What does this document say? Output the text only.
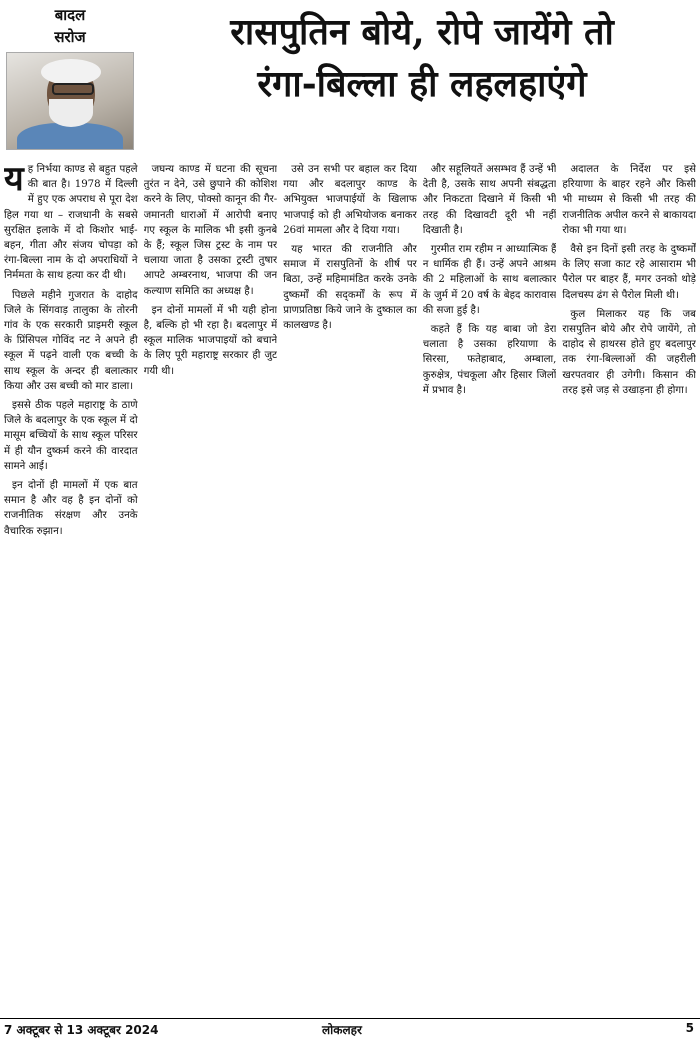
बादल
सरोज	रासपुतिन बोये, रोपे जायेंगे तो
रंगा-बिल्ला ही लहलहाएंगे
य ह निर्भया काण्ड से बहुत पहले की बात है। 1978 में दिल्ली में हुए एक अपराध से पूरा देश हिल गया था – राजधानी के सबसे सुरक्षित इलाके में दो किशोर भाई-बहन, गीता और संजय चोपड़ा को रंगा-बिल्ला नाम के दो अपराधियों ने निर्ममता के साथ हत्या कर दी थी।

पिछले महीने गुजरात के दाहोद जिले के सिंगवाड़ तालुका के तोरनी गांव के एक सरकारी प्राइमरी स्कूल के प्रिंसिपल गोविंद नट ने अपने ही स्कूल में पढ़ने वाली एक बच्ची के साथ स्कूल के अन्दर ही बलात्कार किया और उस बच्ची को मार डाला।

इससे ठीक पहले महाराष्ट्र के ठाणे जिले के बदलापुर के एक स्कूल में दो मासूम बच्चियों के साथ स्कूल परिसर में ही यौन दुष्कर्म करने की वारदात सामने आई।

इन दोनों ही मामलों में एक बात समान है और वह है इन दोनों को राजनीतिक संरक्षण और उनके वैचारिक रुझान।

जघन्य काण्ड में घटना की सूचना तुरंत न देने, उसे छुपाने की कोशिश करने के लिए, पोक्सो कानून की गैर-जमानती धाराओं में आरोपी बनाए गए स्कूल के मालिक भी इसी कुनबे के हैं; स्कूल जिस ट्रस्ट के नाम पर चलाया जाता है उसका ट्रस्टी तुषार आपटे अम्बरनाथ, भाजपा की जन कल्याण समिति का अध्यक्ष है।

इन दोनों मामलों में भी यही होना है, बल्कि हो भी रहा है। बदलापुर में स्कूल मालिक भाजपाइयों को बचाने के लिए पूरी महाराष्ट्र सरकार ही जुट गयी थी।

उसे उन सभी पर बहाल कर दिया गया और बदलापुर काण्ड के अभियुक्त भाजपाईयों के खिलाफ भाजपाई को ही अभियोजक बनाकर 26वां मामला और दे दिया गया।

यह भारत की राजनीति और समाज में रासपुतिनों के शीर्ष पर बिठा, उन्हें महिमामंडित करके उनके दुष्कर्मों की सद्कर्मों के रूप में प्राणप्रतिष्ठा किये जाने के दुष्काल का कालखण्ड है।

और सहूलियतें असम्भव हैं उन्हें भी देती है, उसके साथ अपनी संबद्धता और निकटता दिखाने में किसी भी तरह की दिखावटी दूरी भी नहीं दिखाती है।

गुरमीत राम रहीम न आध्यात्मिक हैं न धार्मिक ही हैं। उन्हें अपने आश्रम की 2 महिलाओं के साथ बलात्कार के जुर्म में 20 वर्ष के बेहद कारावास की सजा हुई है।

कहते हैं कि यह बाबा जो डेरा चलाता है उसका हरियाणा के सिरसा, फतेहाबाद, अम्बाला, कुरुक्षेत्र, पंचकूला और हिसार जिलों में प्रभाव है।

अदालत के निर्देश पर इसे हरियाणा के बाहर रहने और किसी भी माध्यम से किसी भी तरह की राजनीतिक अपील करने से बाकायदा रोका भी गया था।

वैसे इन दिनों इसी तरह के दुष्कर्मों के लिए सजा काट रहे आसाराम भी पैरोल पर बाहर हैं, मगर उनको थोड़े दिलचस्प ढंग से पैरोल मिली थी।

कुल मिलाकर यह कि जब रासपुतिन बोये और रोपे जायेंगे, तो दाहोद से हाथरस होते हुए बदलापुर तक रंगा-बिल्लाओं की जहरीली खरपतवार ही उगेगी। किसान की तरह इसे जड़ से उखाड़ना ही होगा।

7 अक्टूबर से 13 अक्टूबर 2024	लोकलहर	5
